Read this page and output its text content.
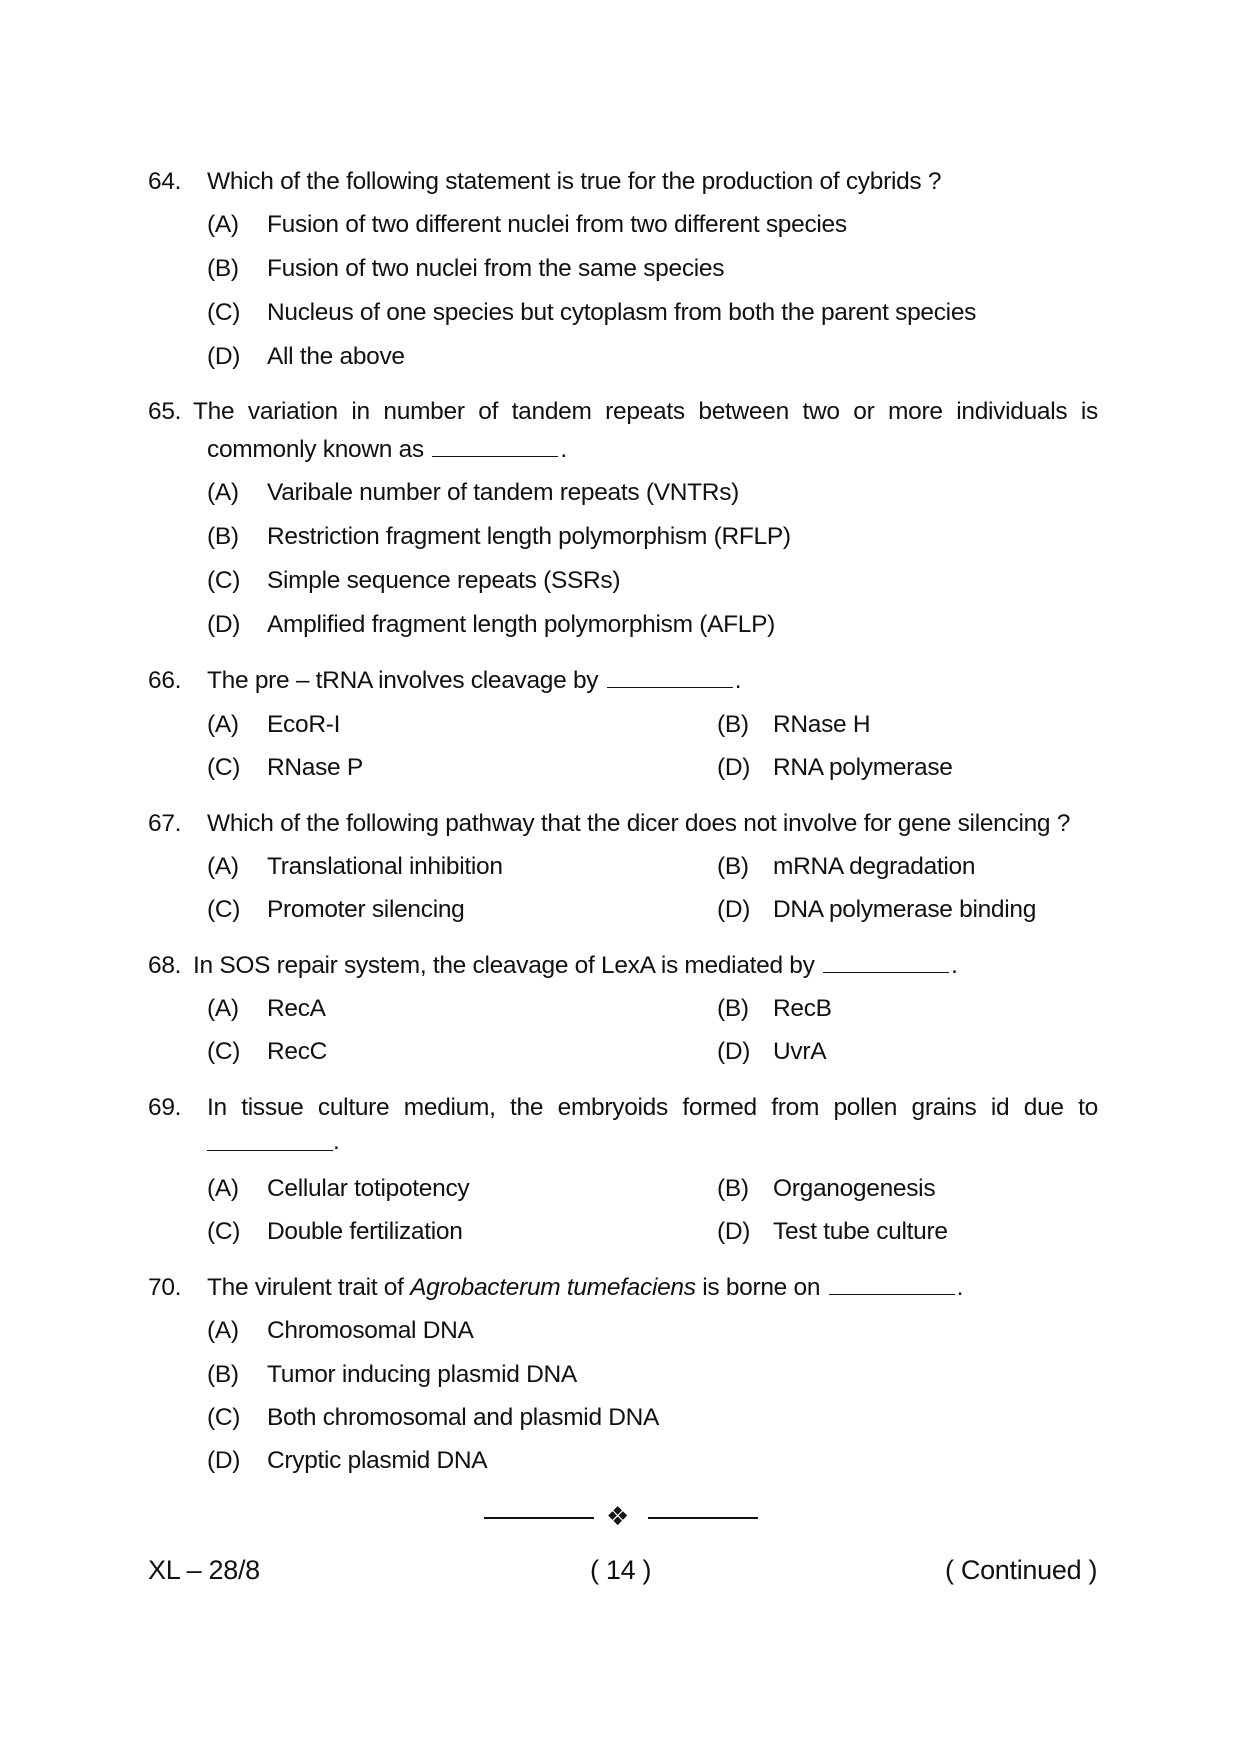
64. Which of the following statement is true for the production of cybrids ?
(A) Fusion of two different nuclei from two different species
(B) Fusion of two nuclei from the same species
(C) Nucleus of one species but cytoplasm from both the parent species
(D) All the above
65. The variation in number of tandem repeats between two or more individuals is
commonly known as	.
(A) Varibale number of tandem repeats (VNTRs)
(B) Restriction fragment length polymorphism (RFLP)
(C) Simple sequence repeats (SSRs)
(D) Amplified fragment length polymorphism (AFLP)
66. The pre – tRNA involves cleavage by	.
(A) EcoR-I	(B) RNase H
(C) RNase P	(D) RNA polymerase
67. Which of the following pathway that the dicer does not involve for gene silencing ?
(A) Translational inhibition	(B) mRNA degradation
(C) Promoter silencing	(D) DNA polymerase binding
68. In SOS repair system, the cleavage of LexA is mediated by	.
(A) RecA	(B) RecB
(C) RecC	(D) UvrA
69. In tissue culture medium, the embryoids formed from pollen grains id due to
.
(A) Cellular totipotency	(B) Organogenesis
(C) Double fertilization	(D) Test tube culture
70. The virulent trait of Agrobacterum tumefaciens is borne on	.
(A) Chromosomal DNA
(B) Tumor inducing plasmid DNA
(C) Both chromosomal and plasmid DNA
(D) Cryptic plasmid DNA
❖
XL – 28/8	( 14 )	( Continued )
